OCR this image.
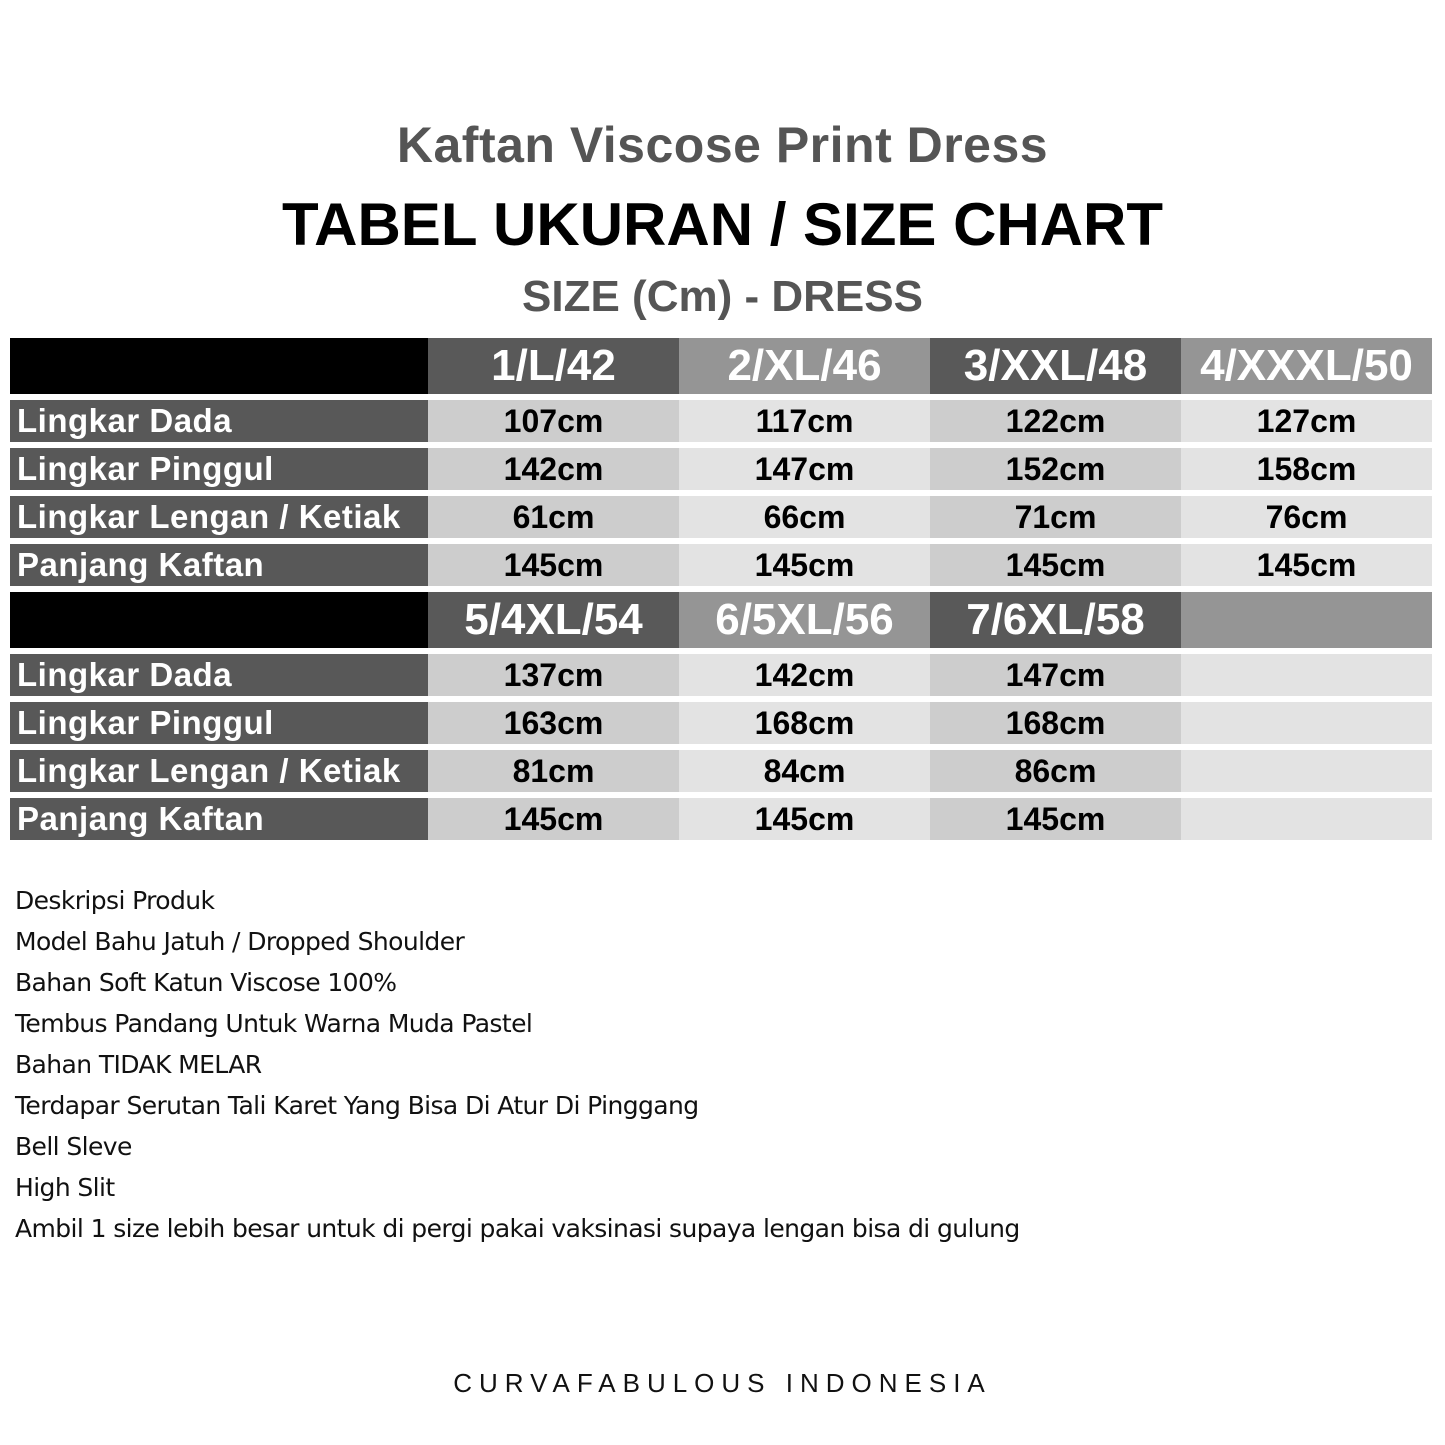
Kaftan Viscose Print Dress
TABEL UKURAN / SIZE CHART
SIZE (Cm) - DRESS
1/L/42	2/XL/46	3/XXL/48	4/XXXL/50
Lingkar Dada	107cm	117cm	122cm	127cm
Lingkar Pinggul	142cm	147cm	152cm	158cm
Lingkar Lengan / Ketiak	61cm	66cm	71cm	76cm
Panjang Kaftan	145cm	145cm	145cm	145cm
5/4XL/54	6/5XL/56	7/6XL/58
Lingkar Dada	137cm	142cm	147cm
Lingkar Pinggul	163cm	168cm	168cm
Lingkar Lengan / Ketiak	81cm	84cm	86cm
Panjang Kaftan	145cm	145cm	145cm
Deskripsi Produk
Model Bahu Jatuh / Dropped Shoulder
Bahan Soft Katun Viscose 100%
Tembus Pandang Untuk Warna Muda Pastel
Bahan TIDAK MELAR
Terdapar Serutan Tali Karet Yang Bisa Di Atur Di Pinggang
Bell Sleve
High Slit
Ambil 1 size lebih besar untuk di pergi pakai vaksinasi supaya lengan bisa di gulung
CURVAFABULOUS INDONESIA
